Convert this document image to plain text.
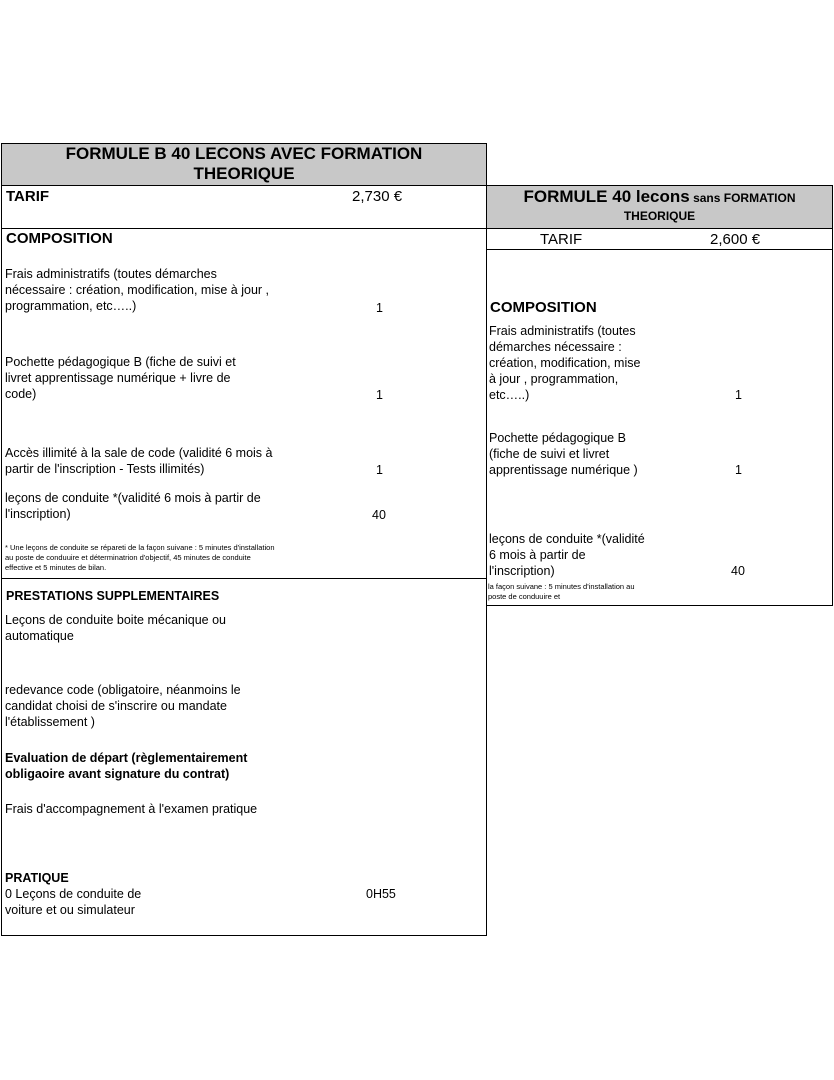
FORMULE B 40 LECONS AVEC FORMATION THEORIQUE
TARIF	2,730 €
COMPOSITION
Frais administratifs (toutes démarches nécessaire : création, modification, mise à jour , programmation, etc…..)	1
Pochette pédagogique B (fiche de suivi et livret apprentissage numérique + livre de code)	1
Accès illimité à la sale de code (validité 6 mois à partir de l'inscription - Tests illimités)	1
leçons de conduite *(validité 6 mois à partir de l'inscription)	40
* Une leçons de conduite se répareti de la façon suivane : 5 minutes d'installation au poste de conduuire et déterminatrion d'objectif, 45 minutes de conduite effective et 5 minutes de bilan.
PRESTATIONS SUPPLEMENTAIRES
Leçons de conduite boite mécanique ou automatique
redevance code (obligatoire, néanmoins le candidat choisi de s'inscrire ou mandate l'établissement )
Evaluation de départ (règlementairement obligaoire avant signature du contrat)
Frais d'accompagnement à l'examen pratique
PRATIQUE
0 Leçons de conduite de voiture et ou simulateur
0H55
FORMULE 40 lecons sans FORMATION THEORIQUE
TARIF	2,600 €
COMPOSITION
Frais administratifs (toutes démarches nécessaire : création, modification, mise à jour , programmation, etc…..)	1
Pochette pédagogique B (fiche de suivi et livret apprentissage numérique )	1
leçons de conduite *(validité 6 mois à partir de l'inscription)	40
la façon suivane : 5 minutes d'installation au poste de conduuire et
